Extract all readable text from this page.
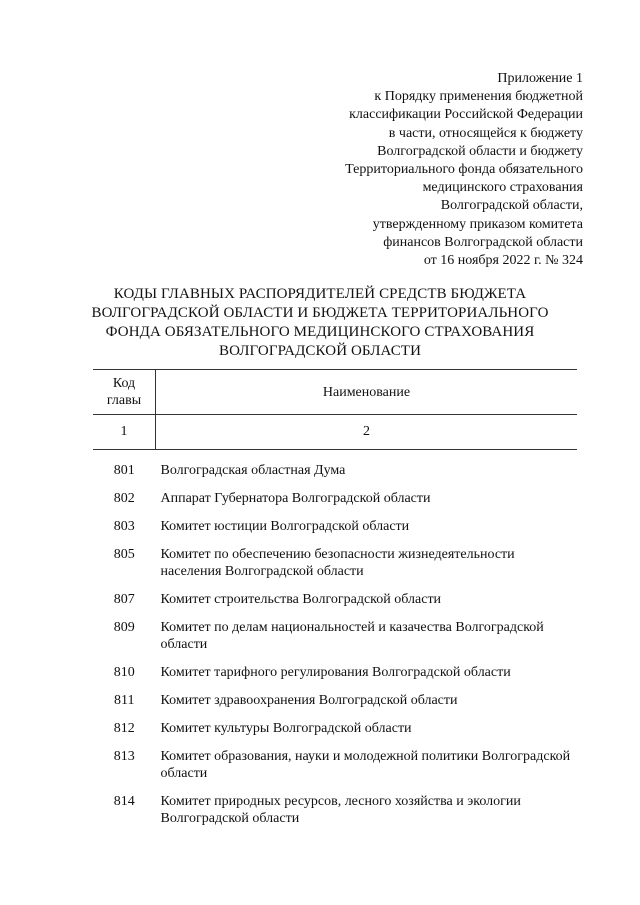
Приложение 1
к Порядку применения бюджетной
классификации Российской Федерации
в части, относящейся к бюджету
Волгоградской области и бюджету
Территориального фонда обязательного
медицинского страхования
Волгоградской области,
утвержденному приказом комитета
финансов Волгоградской области
от 16 ноября 2022 г. № 324
КОДЫ ГЛАВНЫХ РАСПОРЯДИТЕЛЕЙ СРЕДСТВ БЮДЖЕТА
ВОЛГОГРАДСКОЙ ОБЛАСТИ И БЮДЖЕТА ТЕРРИТОРИАЛЬНОГО
ФОНДА ОБЯЗАТЕЛЬНОГО МЕДИЦИНСКОГО СТРАХОВАНИЯ
ВОЛГОГРАДСКОЙ ОБЛАСТИ
Код
главы	Наименование
1	2

801	Волгоградская областная Дума
802	Аппарат Губернатора Волгоградской области
803	Комитет юстиции Волгоградской области
805	Комитет по обеспечению безопасности жизнедеятельности населения Волгоградской области
807	Комитет строительства Волгоградской области
809	Комитет по делам национальностей и казачества Волгоградской области
810	Комитет тарифного регулирования Волгоградской области
811	Комитет здравоохранения Волгоградской области
812	Комитет культуры Волгоградской области
813	Комитет образования, науки и молодежной политики Волгоградской области
814	Комитет природных ресурсов, лесного хозяйства и экологии Волгоградской области
